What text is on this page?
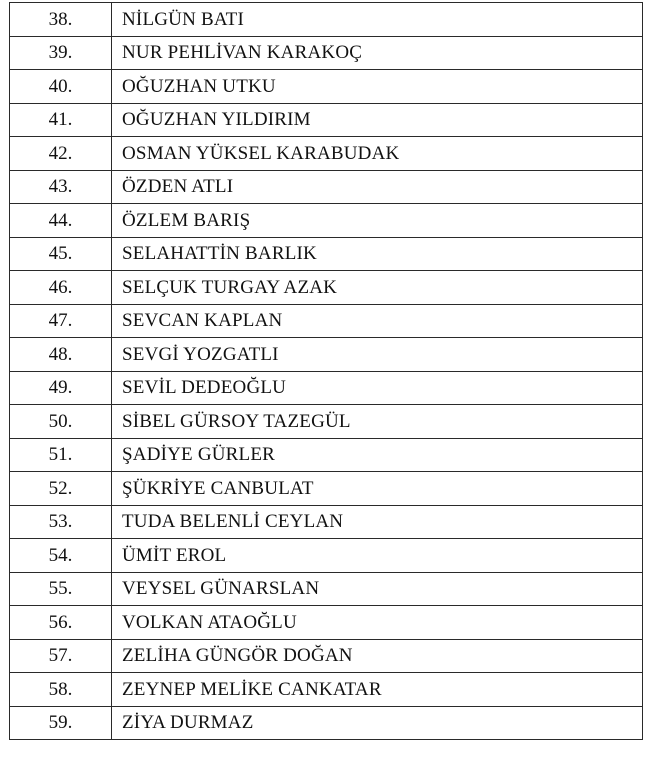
38.	NİLGÜN BATI
39.	NUR PEHLİVAN KARAKOÇ
40.	OĞUZHAN UTKU
41.	OĞUZHAN YILDIRIM
42.	OSMAN YÜKSEL KARABUDAK
43.	ÖZDEN ATLI
44.	ÖZLEM BARIŞ
45.	SELAHATTİN BARLIK
46.	SELÇUK TURGAY AZAK
47.	SEVCAN KAPLAN
48.	SEVGİ YOZGATLI
49.	SEVİL DEDEOĞLU
50.	SİBEL GÜRSOY TAZEGÜL
51.	ŞADİYE GÜRLER
52.	ŞÜKRİYE CANBULAT
53.	TUDA BELENLİ CEYLAN
54.	ÜMİT EROL
55.	VEYSEL GÜNARSLAN
56.	VOLKAN ATAOĞLU
57.	ZELİHA GÜNGÖR DOĞAN
58.	ZEYNEP MELİKE CANKATAR
59.	ZİYA DURMAZ
